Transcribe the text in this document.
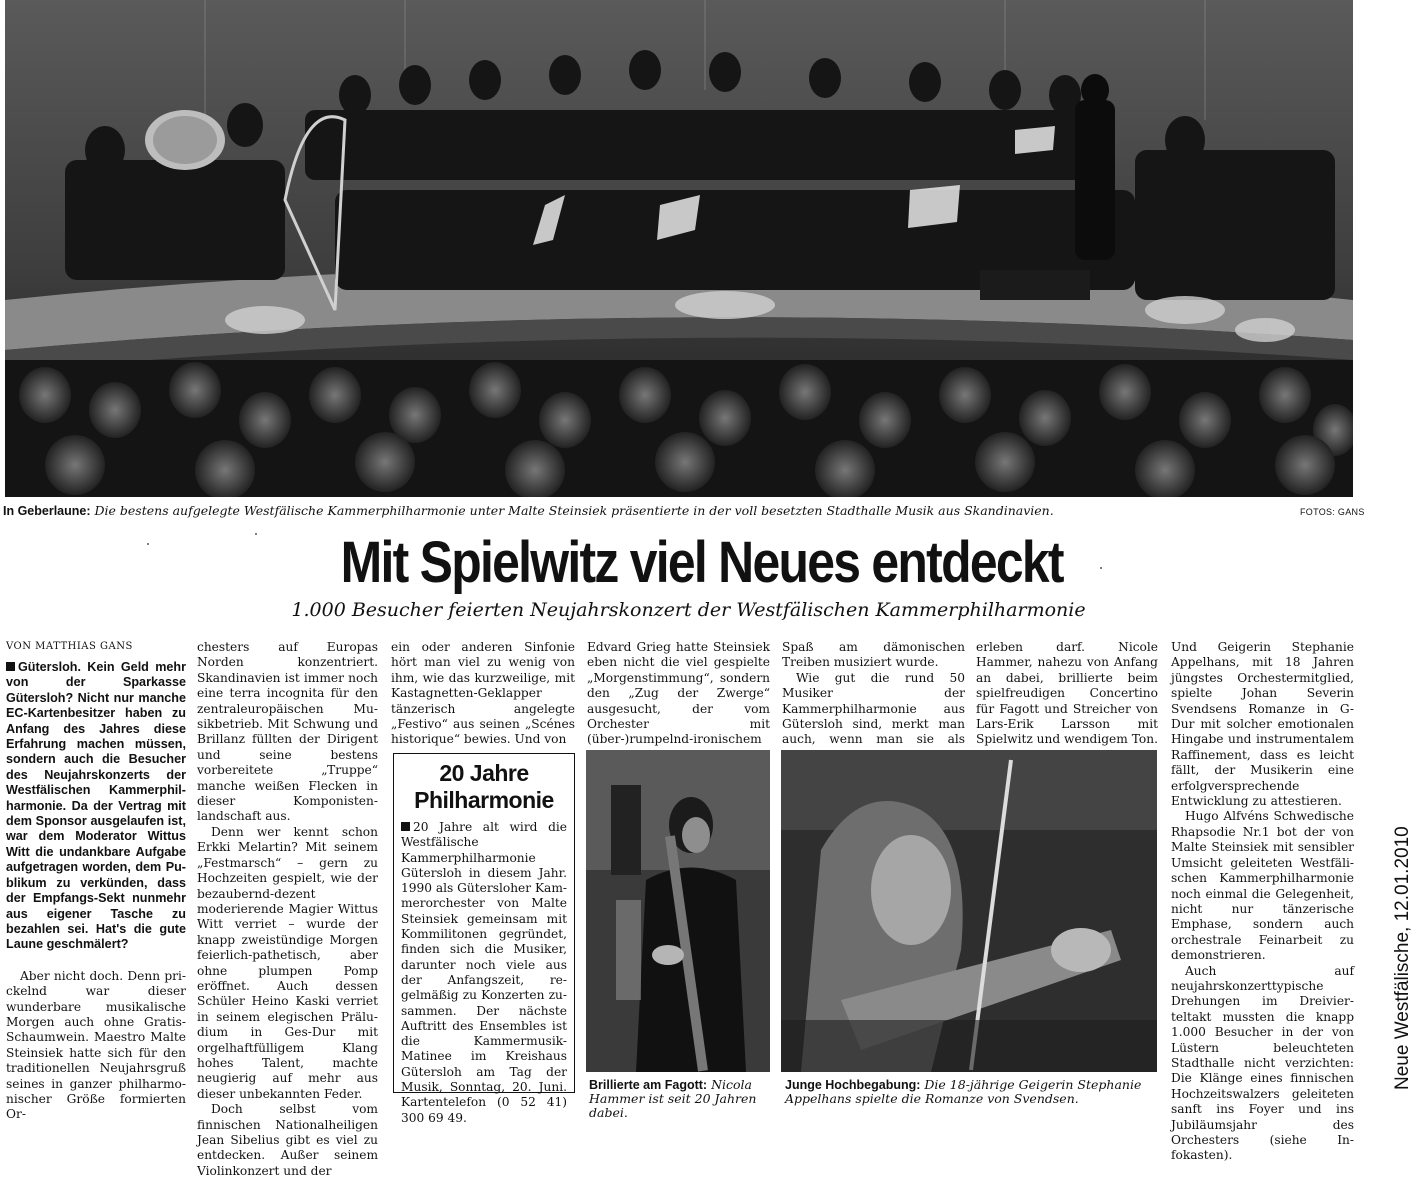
In Geberlaune: Die bestens aufgelegte Westfälische Kammerphilharmonie unter Malte Steinsiek präsentierte in der voll besetzten Stadthalle Musik aus Skandinavien.	FOTOS: GANS
Mit Spielwitz viel Neues entdeckt
1.000 Besucher feierten Neujahrskonzert der Westfälischen Kammerphilharmonie
VON MATTHIAS GANS
Gütersloh. Kein Geld mehr von der Sparkasse Gütersloh? Nicht nur manche EC-Kartenbesitzer haben zu Anfang des Jahres diese Erfahrung machen müssen, sondern auch die Besucher des Neujahrskonzerts der Westfälischen Kammerphilharmonie. Da der Vertrag mit dem Sponsor ausgelaufen ist, war dem Moderator Wittus Witt die undankbare Aufgabe aufgetragen worden, dem Publikum zu verkünden, dass der Empfangs-Sekt nunmehr aus eigener Tasche zu bezahlen sei. Hat's die gute Laune geschmälert?

Aber nicht doch. Denn prickelnd war dieser wunderbare musikalische Morgen auch ohne Gratis-Schaumwein. Maestro Malte Steinsiek hatte sich für den traditionellen Neujahrsgruß seines in ganzer philharmonischer Größe formierten Or-

chesters auf Europas Norden konzentriert. Skandinavien ist immer noch eine terra incognita für den zentraleuropäischen Musikbetrieb. Mit Schwung und Brillanz füllten der Dirigent und seine bestens vorbereitete „Truppe“ manche weißen Flecken in dieser Komponistenlandschaft aus.

Denn wer kennt schon Erkki Melartin? Mit seinem „Festmarsch“ – gern zu Hochzeiten gespielt, wie der bezaubernd-dezent moderierende Magier Wittus Witt verriet – wurde der knapp zweistündige Morgen feierlich-pathetisch, aber ohne plumpen Pomp eröffnet. Auch dessen Schüler Heino Kaski verriet in seinem elegischen Präludium in Ges-Dur mit orgelhaftfülligem Klang hohes Talent, machte neugierig auf mehr aus dieser unbekannten Feder.

Doch selbst vom finnischen Nationalheiligen Jean Sibelius gibt es viel zu entdecken. Außer seinem Violinkonzert und der

ein oder anderen Sinfonie hört man viel zu wenig von ihm, wie das kurzweilige, mit Kastagnetten-Geklapper tänzerisch angelegte „Festivo“ aus seinen „Scénes historique“ bewies. Und von

Edvard Grieg hatte Steinsiek eben nicht die viel gespielte „Morgenstimmung“, sondern den „Zug der Zwerge“ ausgesucht, der vom Orchester mit (über-)rumpelnd-ironischem

Spaß am dämonischen Treiben musiziert wurde.

Wie gut die rund 50 Musiker der Kammerphilharmonie aus Gütersloh sind, merkt man auch, wenn man sie als

erleben darf. Nicole Hammer, nahezu von Anfang an dabei, brillierte beim spielfreudigen Concertino für Fagott und Streicher von Lars-Erik Larsson mit Spielwitz und wendigem Ton.

Und Geigerin Stephanie Appelhans, mit 18 Jahren jüngstes Orchestermitglied, spielte Johan Severin Svendsens Romanze in G-Dur mit solcher emotionalen Hingabe und instrumentalem Raffinement, dass es leicht fällt, der Musikerin eine erfolgversprechende Entwicklung zu attestieren.

Hugo Alfvéns Schwedische Rhapsodie Nr.1 bot der von Malte Steinsiek mit sensibler Umsicht geleiteten Westfälischen Kammerphilharmonie noch einmal die Gelegenheit, nicht nur tänzerische Emphase, sondern auch orchestrale Feinarbeit zu demonstrieren.

Auch auf neujahrskonzerttypische Drehungen im Dreivierteltakt mussten die knapp 1.000 Besucher in der von Lüstern beleuchteten Stadthalle nicht verzichten: Die Klänge eines finnischen Hochzeitswalzers geleiteten sanft ins Foyer und ins Jubiläumsjahr des Orchesters (siehe Infokasten).

20 Jahre Philharmonie
20 Jahre alt wird die Westfälische Kammerphilharmonie Gütersloh in diesem Jahr. 1990 als Gütersloher Kammerorchester von Malte Steinsiek gemeinsam mit Kommilitonen gegründet, finden sich die Musiker, darunter noch viele aus der Anfangszeit, regelmäßig zu Konzerten zusammen. Der nächste Auftritt des Ensembles ist die Kammermusik-Matinee im Kreishaus Gütersloh am Tag der Musik, Sonntag, 20. Juni. Kartentelefon (0 52 41) 300 69 49.
Brillierte am Fagott: Nicola Hammer ist seit 20 Jahren dabei.
Junge Hochbegabung: Die 18-jährige Geigerin Stephanie Appelhans spielte die Romanze von Svendsen.
Neue Westfälische, 12.01.2010
